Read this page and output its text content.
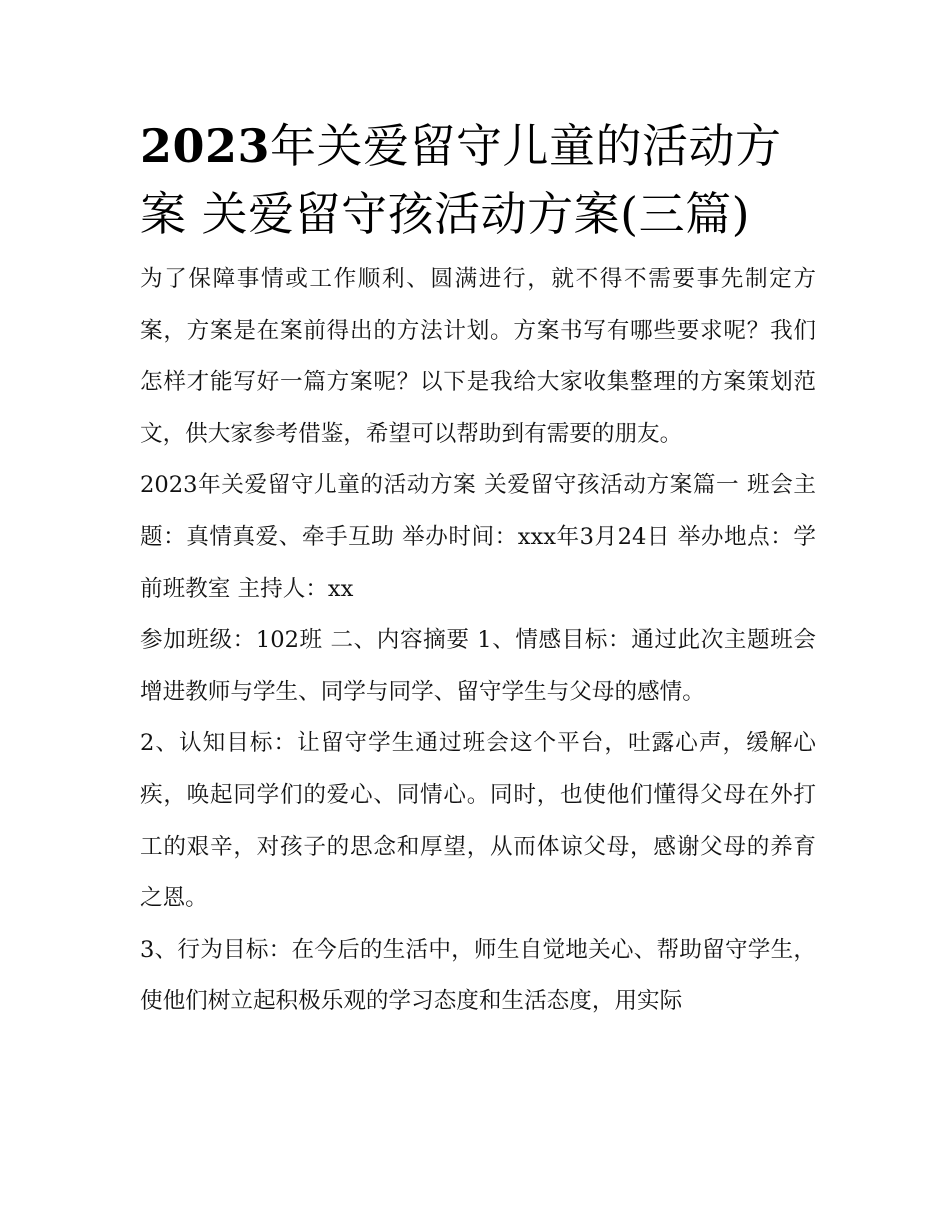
2023年关爱留守儿童的活动方案 关爱留守孩活动方案(三篇)

为了保障事情或工作顺利、圆满进行，就不得不需要事先制定方案，方案是在案前得出的方法计划。方案书写有哪些要求呢？我们怎样才能写好一篇方案呢？以下是我给大家收集整理的方案策划范文，供大家参考借鉴，希望可以帮助到有需要的朋友。

2023年关爱留守儿童的活动方案 关爱留守孩活动方案篇一 班会主题：真情真爱、牵手互助 举办时间：xxx年3月24日 举办地点：学前班教室 主持人：xx

参加班级：102班 二、内容摘要 1、情感目标：通过此次主题班会增进教师与学生、同学与同学、留守学生与父母的感情。

2、认知目标：让留守学生通过班会这个平台，吐露心声，缓解心疾，唤起同学们的爱心、同情心。同时，也使他们懂得父母在外打工的艰辛，对孩子的思念和厚望，从而体谅父母，感谢父母的养育之恩。

3、行为目标：在今后的生活中，师生自觉地关心、帮助留守学生，使他们树立起积极乐观的学习态度和生活态度，用实际
